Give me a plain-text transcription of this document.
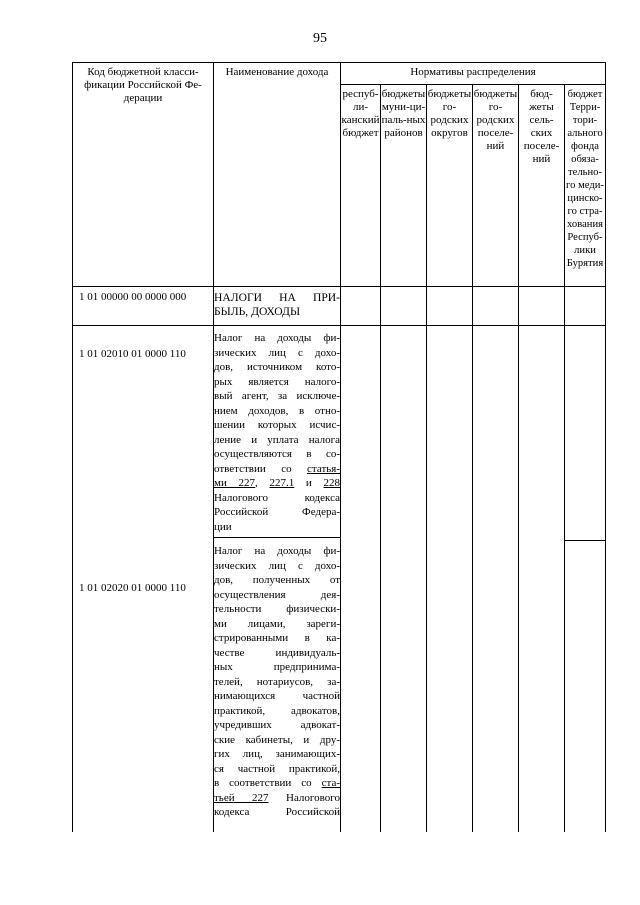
95
Код бюджетной класси-
фикации Российской Фе-
дерации
Наименование дохода	Нормативы распределения
респуб-
ли-
канский
бюджет
бюджеты
муни-ци-
паль-ных
районов
бюджеты
го-
родских
округов
бюджеты
го-
родских
поселе-
ний
бюд-
жеты
сель-
ских
поселе-
ний
бюджет
Терри-
тори-
ального
фонда
обяза-
тельно-
го меди-
цинско-
го стра-
хования
Респуб-
лики
Бурятия
1 01 00000 00 0000 000 НАЛОГИ НА ПРИ-
БЫЛЬ, ДОХОДЫ
1 01 02010 01 0000 110
Налог на доходы фи-
зических лиц с дохо-
дов, источником кото-
рых является налого-
вый агент, за исключе-
нием доходов, в отно-
шении которых исчис-
ление и уплата налога
осуществляются в со-
ответствии со статья-
ми 227, 227.1 и 228
Налогового кодекса
Российской Федера-
ции
1 01 02020 01 0000 110
Налог на доходы фи-
зических лиц с дохо-
дов, полученных от
осуществления дея-
тельности физически-
ми лицами, зареги-
стрированными в ка-
честве индивидуаль-
ных предпринима-
телей, нотариусов, за-
нимающихся частной
практикой, адвокатов,
учредивших адвокат-
ские кабинеты, и дру-
гих лиц, занимающих-
ся частной практикой,
в соответствии со ста-
тьей 227 Налогового
кодекса Российской
